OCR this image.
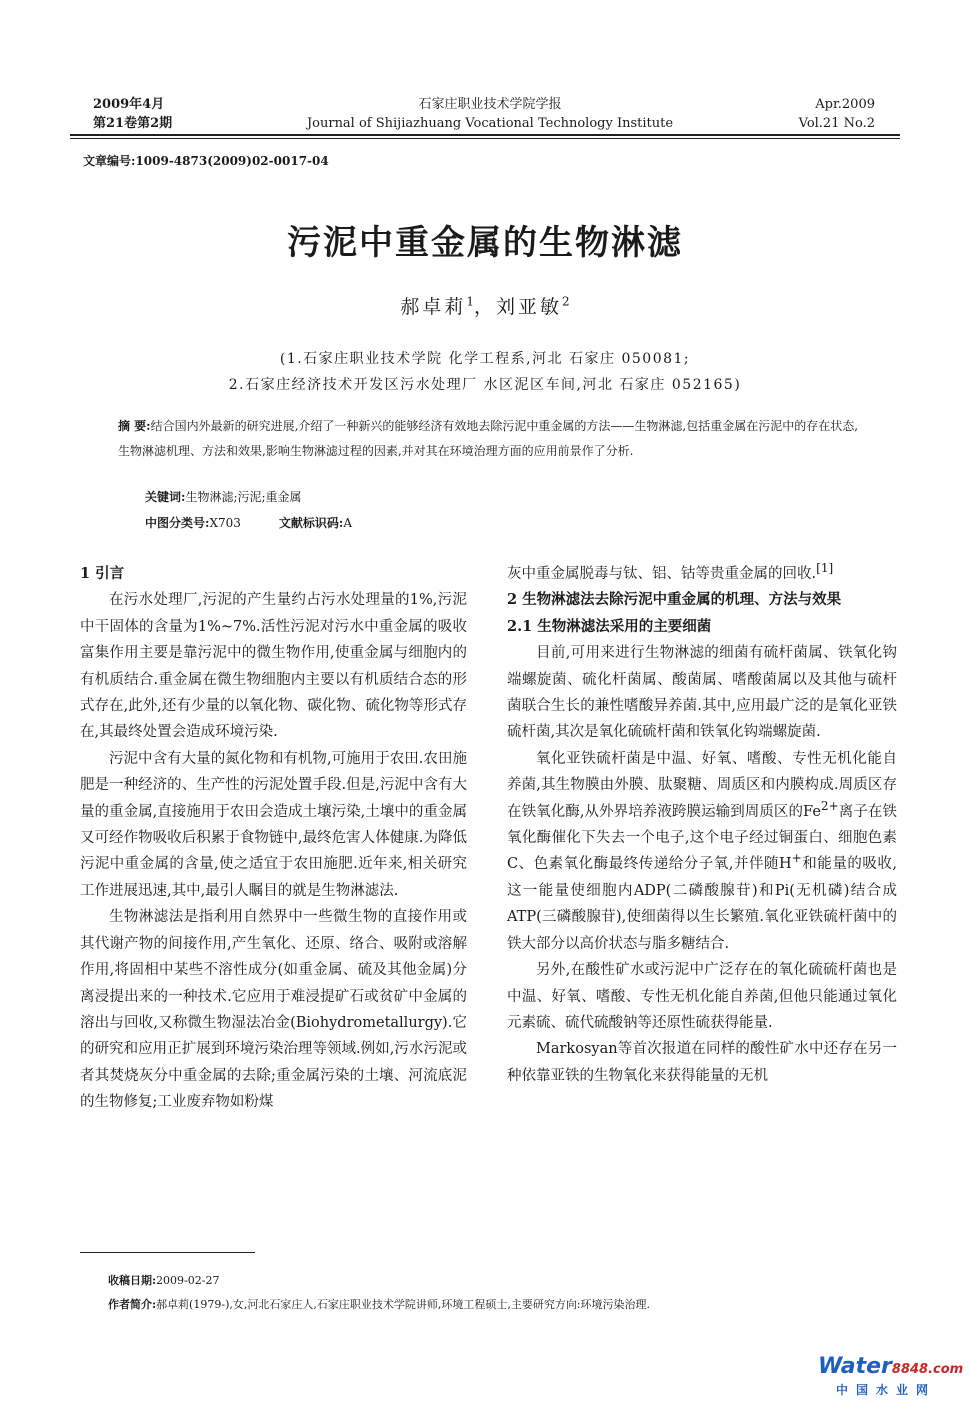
2009年4月
第21卷第2期
石家庄职业技术学院学报
Journal of Shijiazhuang Vocational Technology Institute
Apr.2009
Vol.21 No.2
文章编号:1009-4873(2009)02-0017-04
污泥中重金属的生物淋滤
郝卓莉$^1$，刘亚敏$^2$
(1.石家庄职业技术学院 化学工程系,河北 石家庄 050081;
2.石家庄经济技术开发区污水处理厂 水区泥区车间,河北 石家庄 052165)
摘 要:结合国内外最新的研究进展,介绍了一种新兴的能够经济有效地去除污泥中重金属的方法——生物淋滤,包括重金属在污泥中的存在状态,生物淋滤机理、方法和效果,影响生物淋滤过程的因素,并对其在环境治理方面的应用前景作了分析.
关键词:生物淋滤;污泥;重金属
中图分类号:X703	文献标识码:A

1 引言

在污水处理厂,污泥的产生量约占污水处理量的1%,污泥中干固体的含量为1%~7%.活性污泥对污水中重金属的吸收富集作用主要是靠污泥中的微生物作用,使重金属与细胞内的有机质结合.重金属在微生物细胞内主要以有机质结合态的形式存在,此外,还有少量的以氧化物、碳化物、硫化物等形式存在,其最终处置会造成环境污染.

污泥中含有大量的氮化物和有机物,可施用于农田.农田施肥是一种经济的、生产性的污泥处置手段.但是,污泥中含有大量的重金属,直接施用于农田会造成土壤污染,土壤中的重金属又可经作物吸收后积累于食物链中,最终危害人体健康.为降低污泥中重金属的含量,使之适宜于农田施肥.近年来,相关研究工作进展迅速,其中,最引人瞩目的就是生物淋滤法.

生物淋滤法是指利用自然界中一些微生物的直接作用或其代谢产物的间接作用,产生氧化、还原、络合、吸附或溶解作用,将固相中某些不溶性成分(如重金属、硫及其他金属)分离浸提出来的一种技术.它应用于难浸提矿石或贫矿中金属的溶出与回收,又称微生物湿法冶金(Biohydrometallurgy).它的研究和应用正扩展到环境污染治理等领域.例如,污水污泥或者其焚烧灰分中重金属的去除;重金属污染的土壤、河流底泥的生物修复;工业废弃物如粉煤

灰中重金属脱毒与钛、铝、钴等贵重金属的回收.[1]

2 生物淋滤法去除污泥中重金属的机理、方法与效果

2.1 生物淋滤法采用的主要细菌

目前,可用来进行生物淋滤的细菌有硫杆菌属、铁氧化钩端螺旋菌、硫化杆菌属、酸菌属、嗜酸菌属以及其他与硫杆菌联合生长的兼性嗜酸异养菌.其中,应用最广泛的是氧化亚铁硫杆菌,其次是氧化硫硫杆菌和铁氧化钩端螺旋菌.

氧化亚铁硫杆菌是中温、好氧、嗜酸、专性无机化能自养菌,其生物膜由外膜、肽聚糖、周质区和内膜构成.周质区存在铁氧化酶,从外界培养液跨膜运输到周质区的$Fe^{2+}$离子在铁氧化酶催化下失去一个电子,这个电子经过铜蛋白、细胞色素C、色素氧化酶最终传递给分子氧,并伴随H+和能量的吸收,这一能量使细胞内ADP(二磷酸腺苷)和Pi(无机磷)结合成ATP(三磷酸腺苷),使细菌得以生长繁殖.氧化亚铁硫杆菌中的铁大部分以高价状态与脂多糖结合.

另外,在酸性矿水或污泥中广泛存在的氧化硫硫杆菌也是中温、好氧、嗜酸、专性无机化能自养菌,但他只能通过氧化元素硫、硫代硫酸钠等还原性硫获得能量.

Markosyan等首次报道在同样的酸性矿水中还存在另一种依靠亚铁的生物氧化来获得能量的无机

收稿日期:2009-02-27
作者简介:郝卓莉(1979-),女,河北石家庄人,石家庄职业技术学院讲师,环境工程硕士,主要研究方向:环境污染治理.
Water8848.com
中国水业网
